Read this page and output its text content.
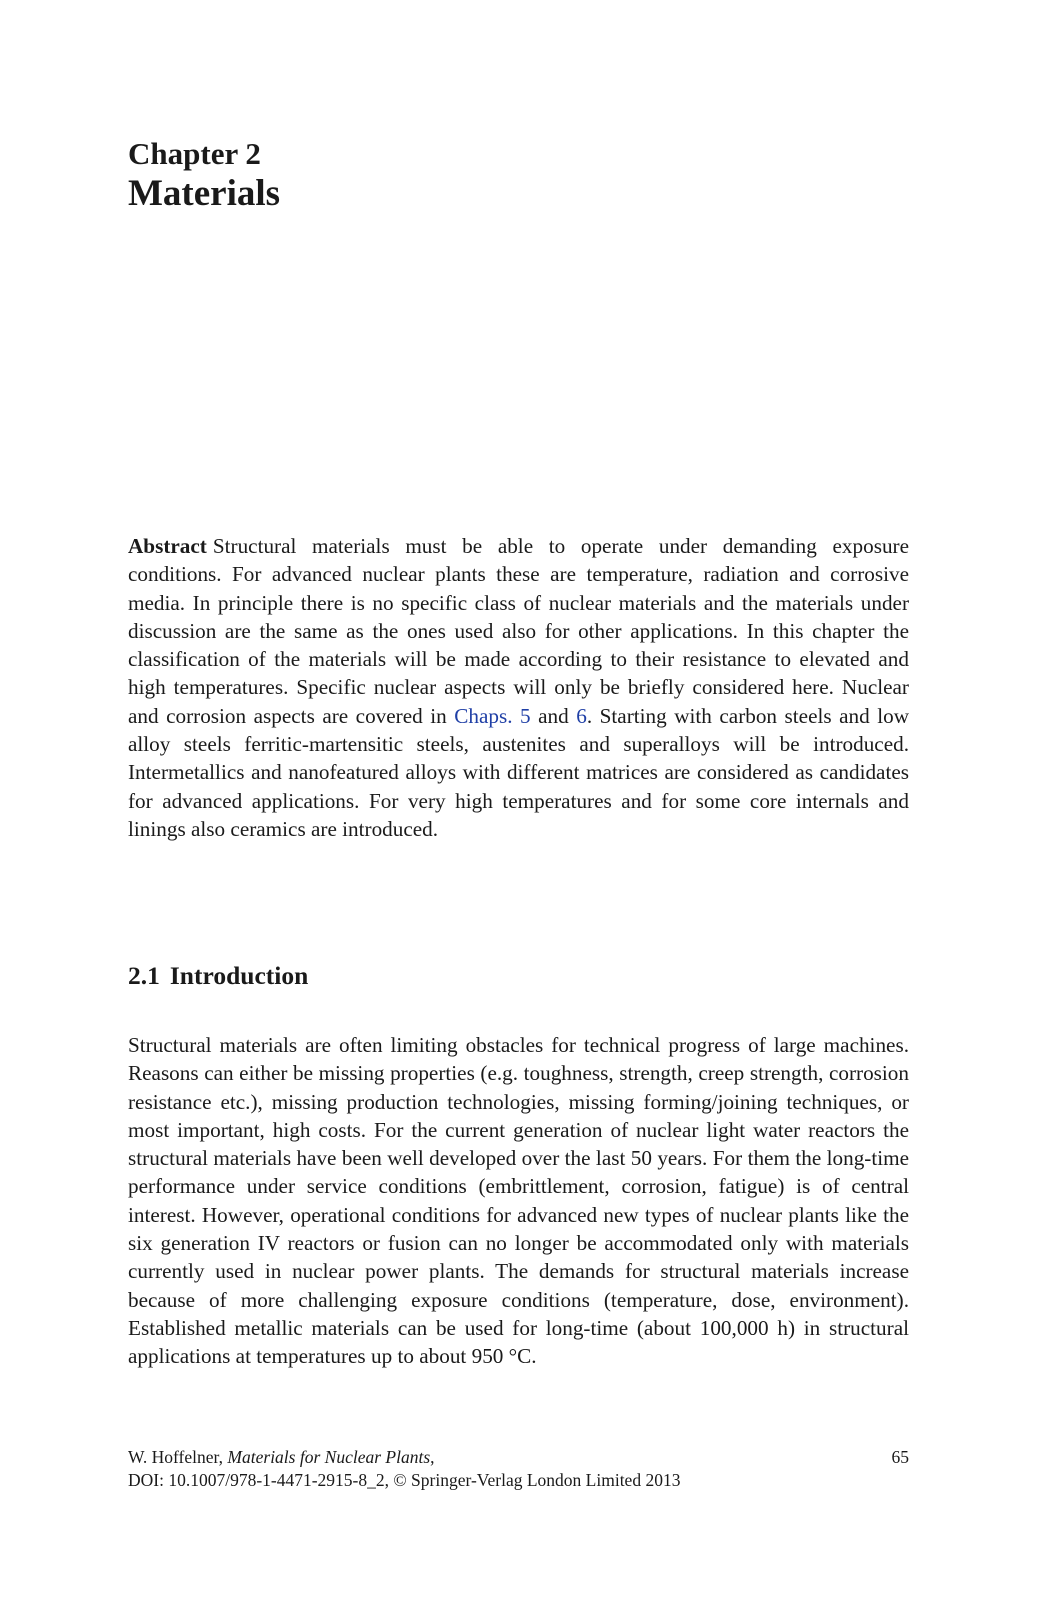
Chapter 2
Materials

Abstract Structural materials must be able to operate under demanding exposure conditions. For advanced nuclear plants these are temperature, radiation and corrosive media. In principle there is no specific class of nuclear materials and the materials under discussion are the same as the ones used also for other applications. In this chapter the classification of the materials will be made according to their resistance to elevated and high temperatures. Specific nuclear aspects will only be briefly considered here. Nuclear and corrosion aspects are covered in Chaps. 5 and 6. Starting with carbon steels and low alloy steels ferritic-martensitic steels, austenites and superalloys will be introduced. Intermetallics and nanofeatured alloys with different matrices are considered as candidates for advanced applications. For very high temperatures and for some core internals and linings also ceramics are introduced.

2.1 Introduction

Structural materials are often limiting obstacles for technical progress of large machines. Reasons can either be missing properties (e.g. toughness, strength, creep strength, corrosion resistance etc.), missing production technologies, missing forming/joining techniques, or most important, high costs. For the current generation of nuclear light water reactors the structural materials have been well developed over the last 50 years. For them the long-time performance under service conditions (embrittlement, corrosion, fatigue) is of central interest. However, operational conditions for advanced new types of nuclear plants like the six generation IV reactors or fusion can no longer be accommodated only with materials currently used in nuclear power plants. The demands for structural materials increase because of more challenging exposure conditions (temperature, dose, environment). Established metallic materials can be used for long-time (about 100,000 h) in structural applications at temperatures up to about 950 °C.

W. Hoffelner, Materials for Nuclear Plants,	65
DOI: 10.1007/978-1-4471-2915-8_2, © Springer-Verlag London Limited 2013
